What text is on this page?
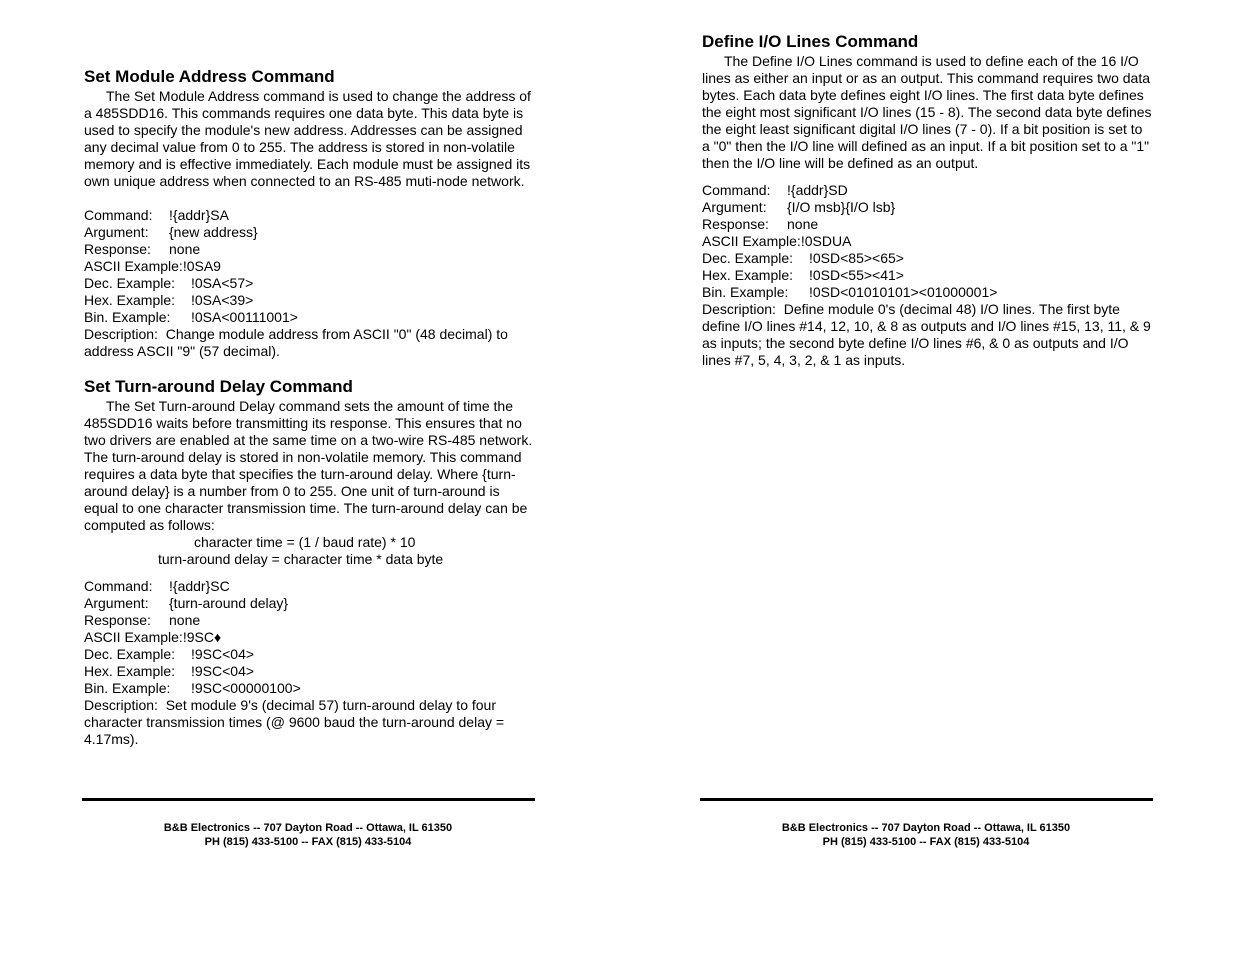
Set Module Address Command

The Set Module Address command is used to change the address of a 485SDD16. This commands requires one data byte. This data byte is used to specify the module's new address. Addresses can be assigned any decimal value from 0 to 255. The address is stored in non-volatile memory and is effective immediately. Each module must be assigned its own unique address when connected to an RS-485 muti-node network.

Command: !{addr}SA
Argument: {new address}
Response: none
ASCII Example:!0SA9
Dec. Example: !0SA<57>
Hex. Example: !0SA<39>
Bin. Example: !0SA<00111001>

Description: Change module address from ASCII "0" (48 decimal) to address ASCII "9" (57 decimal).

Set Turn-around Delay Command

The Set Turn-around Delay command sets the amount of time the 485SDD16 waits before transmitting its response. This ensures that no two drivers are enabled at the same time on a two-wire RS-485 network. The turn-around delay is stored in non-volatile memory. This command requires a data byte that specifies the turn-around delay. Where {turn-around delay} is a number from 0 to 255. One unit of turn-around is equal to one character transmission time. The turn-around delay can be computed as follows:

character time = (1 / baud rate) * 10

turn-around delay = character time * data byte

Command: !{addr}SC
Argument: {turn-around delay}
Response: none
ASCII Example:!9SC♦
Dec. Example: !9SC<04>
Hex. Example: !9SC<04>
Bin. Example: !9SC<00000100>

Description: Set module 9's (decimal 57) turn-around delay to four character transmission times (@ 9600 baud the turn-around delay = 4.17ms).

B&B Electronics -- 707 Dayton Road -- Ottawa, IL 61350
PH (815) 433-5100 -- FAX (815) 433-5104
Define I/O Lines Command

The Define I/O Lines command is used to define each of the 16 I/O lines as either an input or as an output. This command requires two data bytes. Each data byte defines eight I/O lines. The first data byte defines the eight most significant I/O lines (15 - 8). The second data byte defines the eight least significant digital I/O lines (7 - 0). If a bit position is set to a "0" then the I/O line will defined as an input. If a bit position set to a "1" then the I/O line will be defined as an output.

Command: !{addr}SD
Argument: {I/O msb}{I/O lsb}
Response: none
ASCII Example:!0SDUA
Dec. Example: !0SD<85><65>
Hex. Example: !0SD<55><41>
Bin. Example: !0SD<01010101><01000001>

Description: Define module 0's (decimal 48) I/O lines. The first byte define I/O lines #14, 12, 10, & 8 as outputs and I/O lines #15, 13, 11, & 9 as inputs; the second byte define I/O lines #6, & 0 as outputs and I/O lines #7, 5, 4, 3, 2, & 1 as inputs.

B&B Electronics -- 707 Dayton Road -- Ottawa, IL 61350
PH (815) 433-5100 -- FAX (815) 433-5104
